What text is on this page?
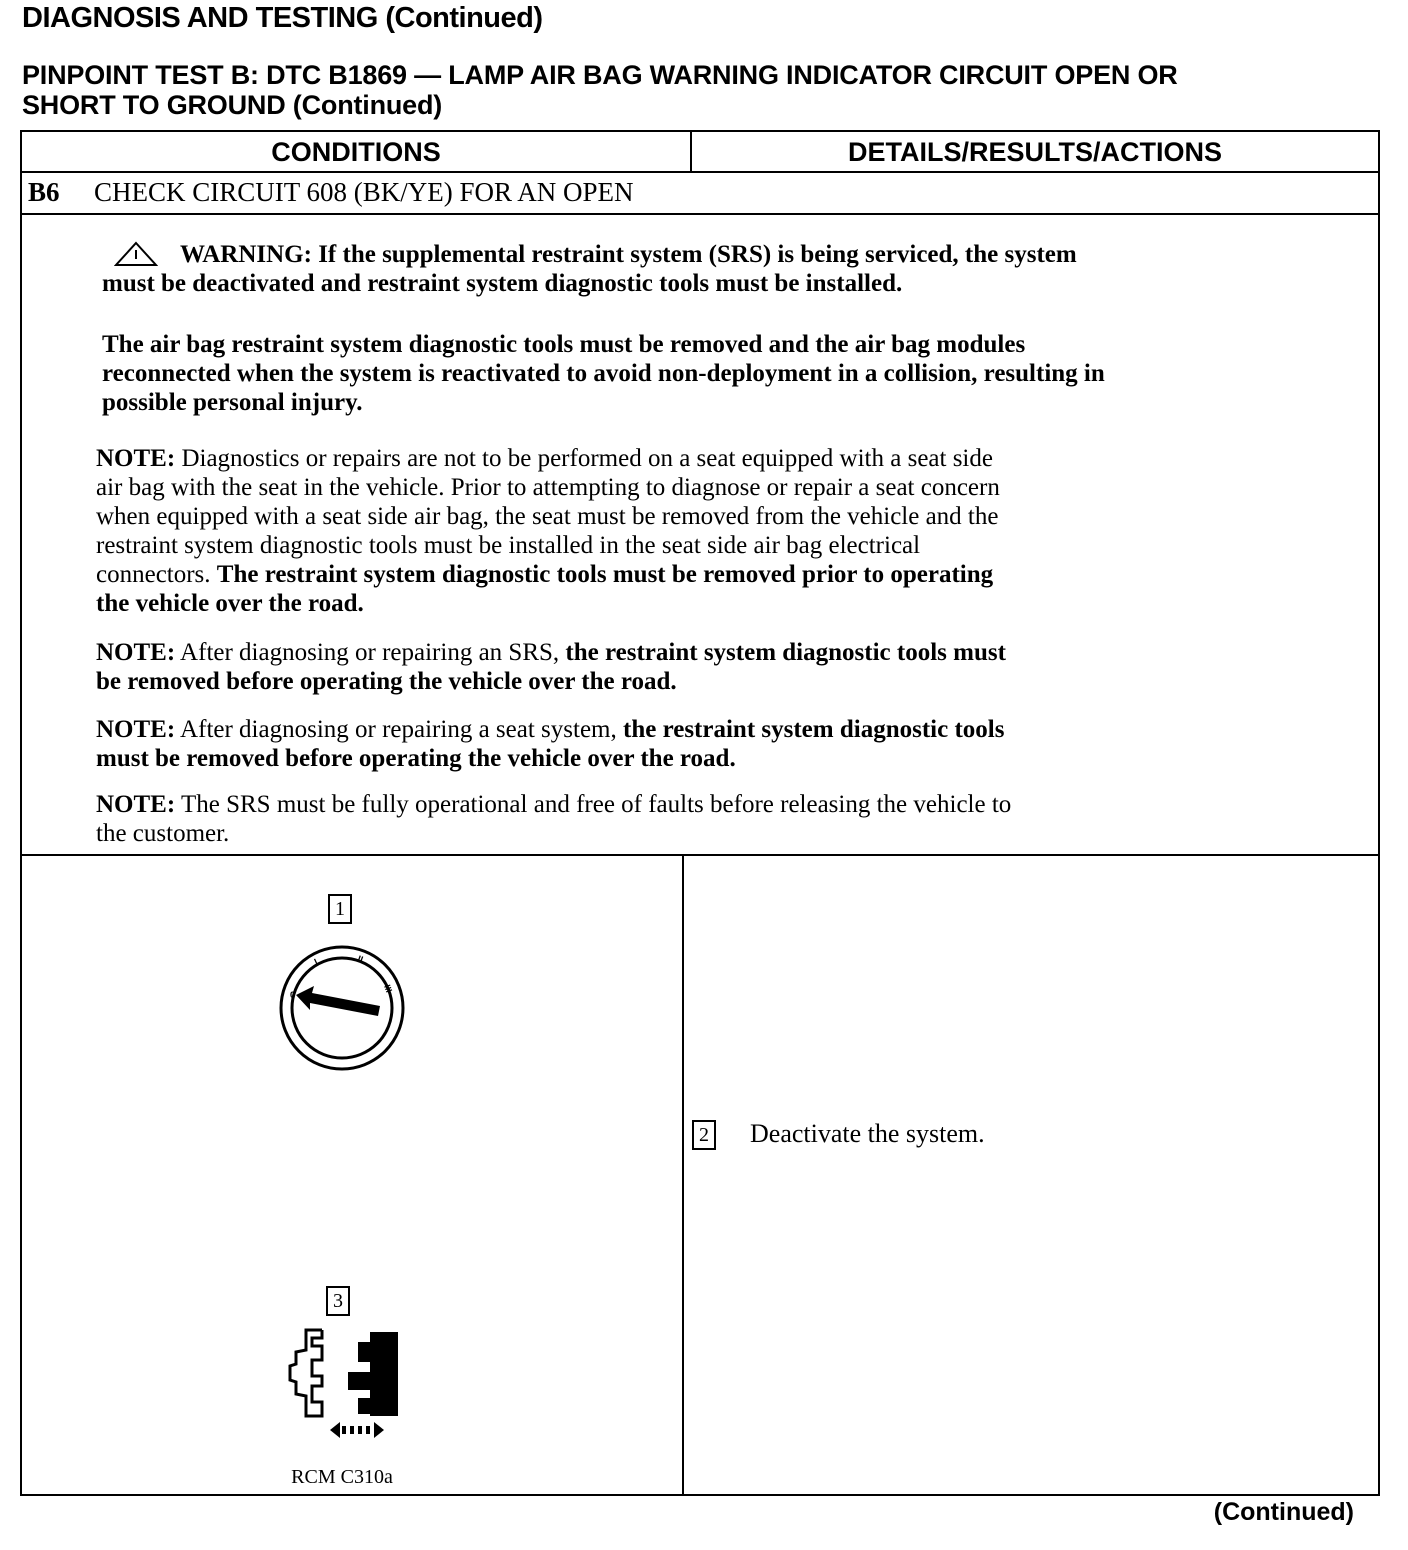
DIAGNOSIS AND TESTING (Continued)
PINPOINT TEST B: DTC B1869 — LAMP AIR BAG WARNING INDICATOR CIRCUIT OPEN OR
SHORT TO GROUND (Continued)
CONDITIONS	DETAILS/RESULTS/ACTIONS
B6 CHECK CIRCUIT 608 (BK/YE) FOR AN OPEN

WARNING: If the supplemental restraint system (SRS) is being serviced, the system

must be deactivated and restraint system diagnostic tools must be installed.

The air bag restraint system diagnostic tools must be removed and the air bag modules

reconnected when the system is reactivated to avoid non-deployment in a collision, resulting in

possible personal injury.

NOTE: Diagnostics or repairs are not to be performed on a seat equipped with a seat side

air bag with the seat in the vehicle. Prior to attempting to diagnose or repair a seat concern

when equipped with a seat side air bag, the seat must be removed from the vehicle and the

restraint system diagnostic tools must be installed in the seat side air bag electrical

connectors. The restraint system diagnostic tools must be removed prior to operating

the vehicle over the road.

NOTE: After diagnosing or repairing an SRS, the restraint system diagnostic tools must

be removed before operating the vehicle over the road.

NOTE: After diagnosing or repairing a seat system, the restraint system diagnostic tools

must be removed before operating the vehicle over the road.

NOTE: The SRS must be fully operational and free of faults before releasing the vehicle to

the customer.

1
0
I	II
III
3
RCM C310a
2 Deactivate the system.
(Continued)
